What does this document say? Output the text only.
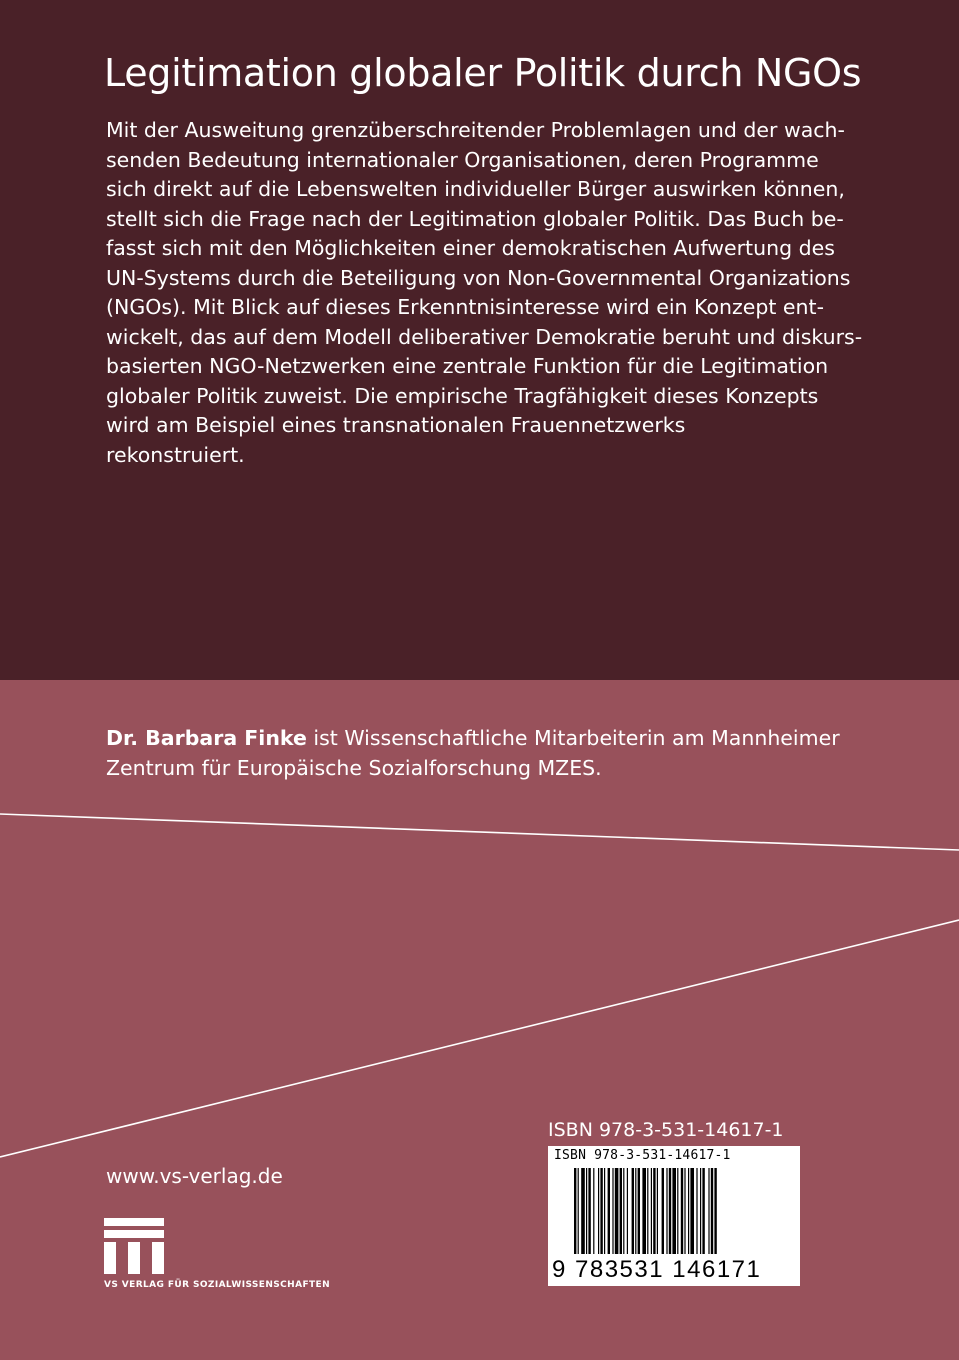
Legitimation globaler Politik durch NGOs
Mit der Ausweitung grenzüberschreitender Problemlagen und der wach-
senden Bedeutung internationaler Organisationen, deren Programme
sich direkt auf die Lebenswelten individueller Bürger auswirken können,
stellt sich die Frage nach der Legitimation globaler Politik. Das Buch be-
fasst sich mit den Möglichkeiten einer demokratischen Aufwertung des
UN-Systems durch die Beteiligung von Non-Governmental Organizations
(NGOs). Mit Blick auf dieses Erkenntnisinteresse wird ein Konzept ent-
wickelt, das auf dem Modell deliberativer Demokratie beruht und diskurs-
basierten NGO-Netzwerken eine zentrale Funktion für die Legitimation
globaler Politik zuweist. Die empirische Tragfähigkeit dieses Konzepts
wird am Beispiel eines transnationalen Frauennetzwerks
rekonstruiert.
Dr. Barbara Finke ist Wissenschaftliche Mitarbeiterin am Mannheimer
Zentrum für Europäische Sozialforschung MZES.
www.vs-verlag.de
VS VERLAG FÜR SOZIALWISSENSCHAFTEN
ISBN 978-3-531-14617-1
ISBN 978-3-531-14617-1
9 783531 146171
